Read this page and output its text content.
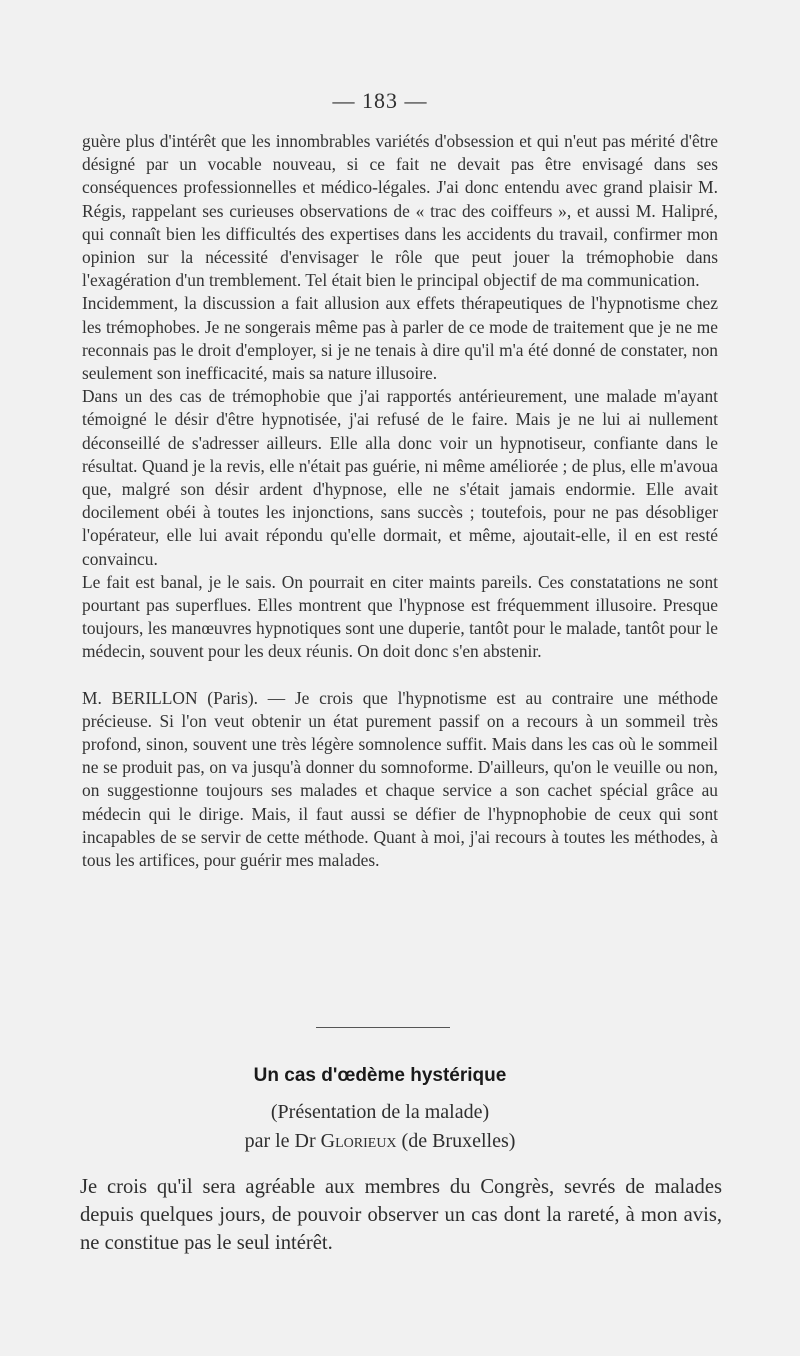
— 183 —

guère plus d'intérêt que les innombrables variétés d'obsession et qui n'eut pas mérité d'être désigné par un vocable nouveau, si ce fait ne devait pas être envisagé dans ses conséquences professionnelles et médico-légales. J'ai donc entendu avec grand plaisir M. Régis, rappelant ses curieuses observations de « trac des coiffeurs », et aussi M. Halipré, qui connaît bien les difficultés des expertises dans les accidents du travail, confirmer mon opinion sur la nécessité d'envisager le rôle que peut jouer la trémophobie dans l'exagération d'un tremblement. Tel était bien le principal objectif de ma communication.

Incidemment, la discussion a fait allusion aux effets thérapeutiques de l'hypnotisme chez les trémophobes. Je ne songerais même pas à parler de ce mode de traitement que je ne me reconnais pas le droit d'employer, si je ne tenais à dire qu'il m'a été donné de constater, non seulement son inefficacité, mais sa nature illusoire.

Dans un des cas de trémophobie que j'ai rapportés antérieurement, une malade m'ayant témoigné le désir d'être hypnotisée, j'ai refusé de le faire. Mais je ne lui ai nullement déconseillé de s'adresser ailleurs. Elle alla donc voir un hypnotiseur, confiante dans le résultat. Quand je la revis, elle n'était pas guérie, ni même améliorée ; de plus, elle m'avoua que, malgré son désir ardent d'hypnose, elle ne s'était jamais endormie. Elle avait docilement obéi à toutes les injonctions, sans succès ; toutefois, pour ne pas désobliger l'opérateur, elle lui avait répondu qu'elle dormait, et même, ajoutait-elle, il en est resté convaincu.

Le fait est banal, je le sais. On pourrait en citer maints pareils. Ces constatations ne sont pourtant pas superflues. Elles montrent que l'hypnose est fréquemment illusoire. Presque toujours, les manœuvres hypnotiques sont une duperie, tantôt pour le malade, tantôt pour le médecin, souvent pour les deux réunis. On doit donc s'en abstenir.

M. BERILLON (Paris). — Je crois que l'hypnotisme est au contraire une méthode précieuse. Si l'on veut obtenir un état purement passif on a recours à un sommeil très profond, sinon, souvent une très légère somnolence suffit. Mais dans les cas où le sommeil ne se produit pas, on va jusqu'à donner du somnoforme. D'ailleurs, qu'on le veuille ou non, on suggestionne toujours ses malades et chaque service a son cachet spécial grâce au médecin qui le dirige. Mais, il faut aussi se défier de l'hypnophobie de ceux qui sont incapables de se servir de cette méthode. Quant à moi, j'ai recours à toutes les méthodes, à tous les artifices, pour guérir mes malades.

Un cas d'œdème hystérique
(Présentation de la malade)
par le Dr Glorieux (de Bruxelles)

Je crois qu'il sera agréable aux membres du Congrès, sevrés de malades depuis quelques jours, de pouvoir observer un cas dont la rareté, à mon avis, ne constitue pas le seul intérêt.
